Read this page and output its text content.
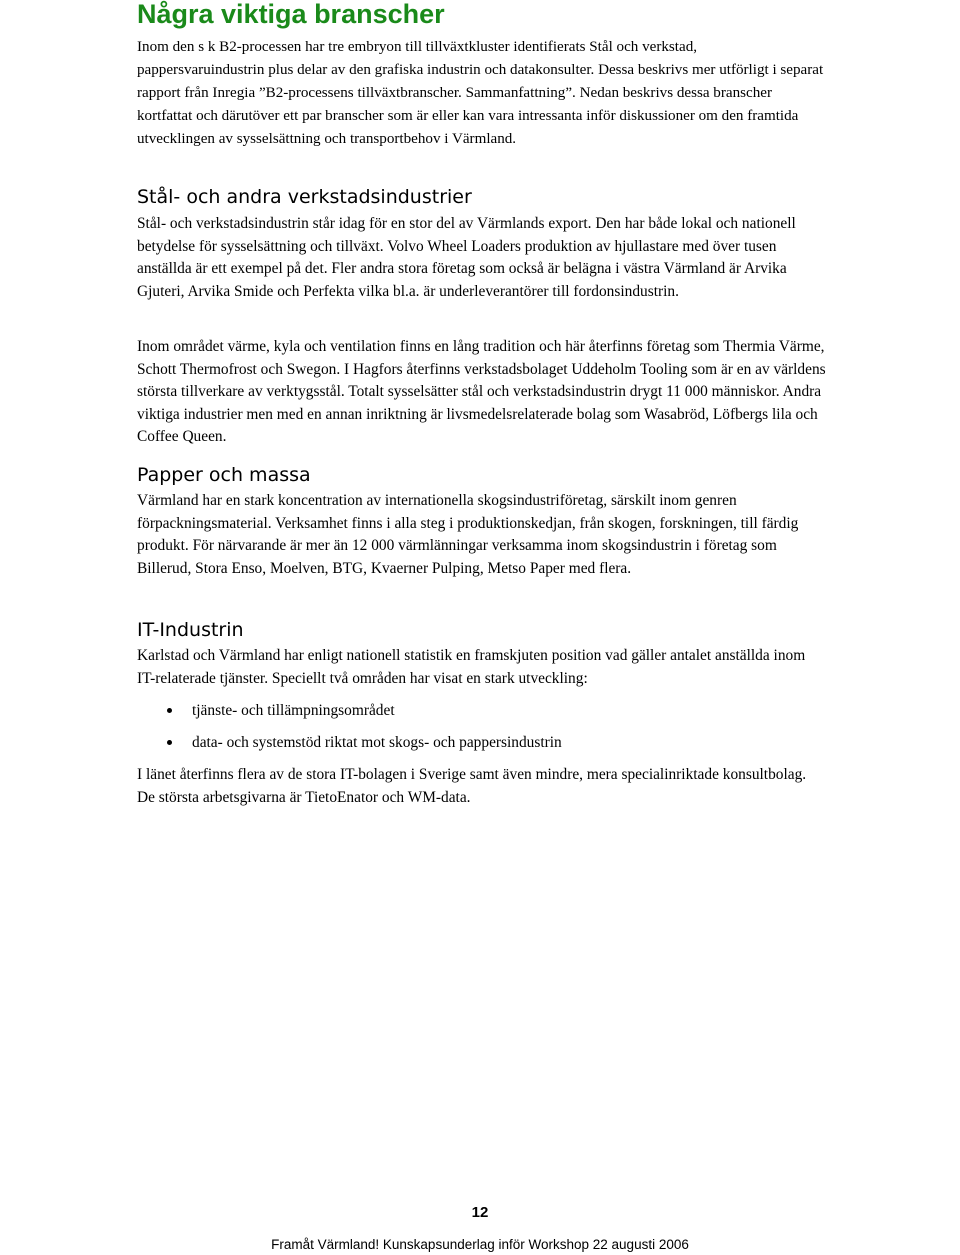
Några viktiga branscher

Inom den s k B2-processen har tre embryon till tillväxtkluster identifierats Stål och verkstad, pappersvaruindustrin plus delar av den grafiska industrin och datakonsulter. Dessa beskrivs mer utförligt i separat rapport från Inregia ”B2-processens tillväxtbranscher. Sammanfattning”. Nedan beskrivs dessa branscher kortfattat och därutöver ett par branscher som är eller kan vara intressanta inför diskussioner om den framtida utvecklingen av sysselsättning och transportbehov i Värmland.

Stål- och andra verkstadsindustrier

Stål- och verkstadsindustrin står idag för en stor del av Värmlands export. Den har både lokal och nationell betydelse för sysselsättning och tillväxt. Volvo Wheel Loaders produktion av hjullastare med över tusen anställda är ett exempel på det. Fler andra stora företag som också är belägna i västra Värmland är Arvika Gjuteri, Arvika Smide och Perfekta vilka bl.a. är underleverantörer till fordonsindustrin.

Inom området värme, kyla och ventilation finns en lång tradition och här återfinns företag som Thermia Värme, Schott Thermofrost och Swegon. I Hagfors återfinns verkstadsbolaget Uddeholm Tooling som är en av världens största tillverkare av verktygsstål. Totalt sysselsätter stål och verkstadsindustrin drygt 11 000 människor. Andra viktiga industrier men med en annan inriktning är livsmedelsrelaterade bolag som Wasabröd, Löfbergs lila och Coffee Queen.

Papper och massa

Värmland har en stark koncentration av internationella skogsindustriföretag, särskilt inom genren förpackningsmaterial. Verksamhet finns i alla steg i produktionskedjan, från skogen, forskningen, till färdig produkt. För närvarande är mer än 12 000 värmlänningar verksamma inom skogsindustrin i företag som Billerud, Stora Enso, Moelven, BTG, Kvaerner Pulping, Metso Paper med flera.

IT-Industrin

Karlstad och Värmland har enligt nationell statistik en framskjuten position vad gäller antalet anställda inom IT-relaterade tjänster. Speciellt två områden har visat en stark utveckling:

tjänste- och tillämpningsområdet
data- och systemstöd riktat mot skogs- och pappersindustrin

I länet återfinns flera av de stora IT-bolagen i Sverige samt även mindre, mera specialinriktade konsultbolag. De största arbetsgivarna är TietoEnator och WM-data.

12
Framåt Värmland! Kunskapsunderlag inför Workshop 22 augusti 2006
